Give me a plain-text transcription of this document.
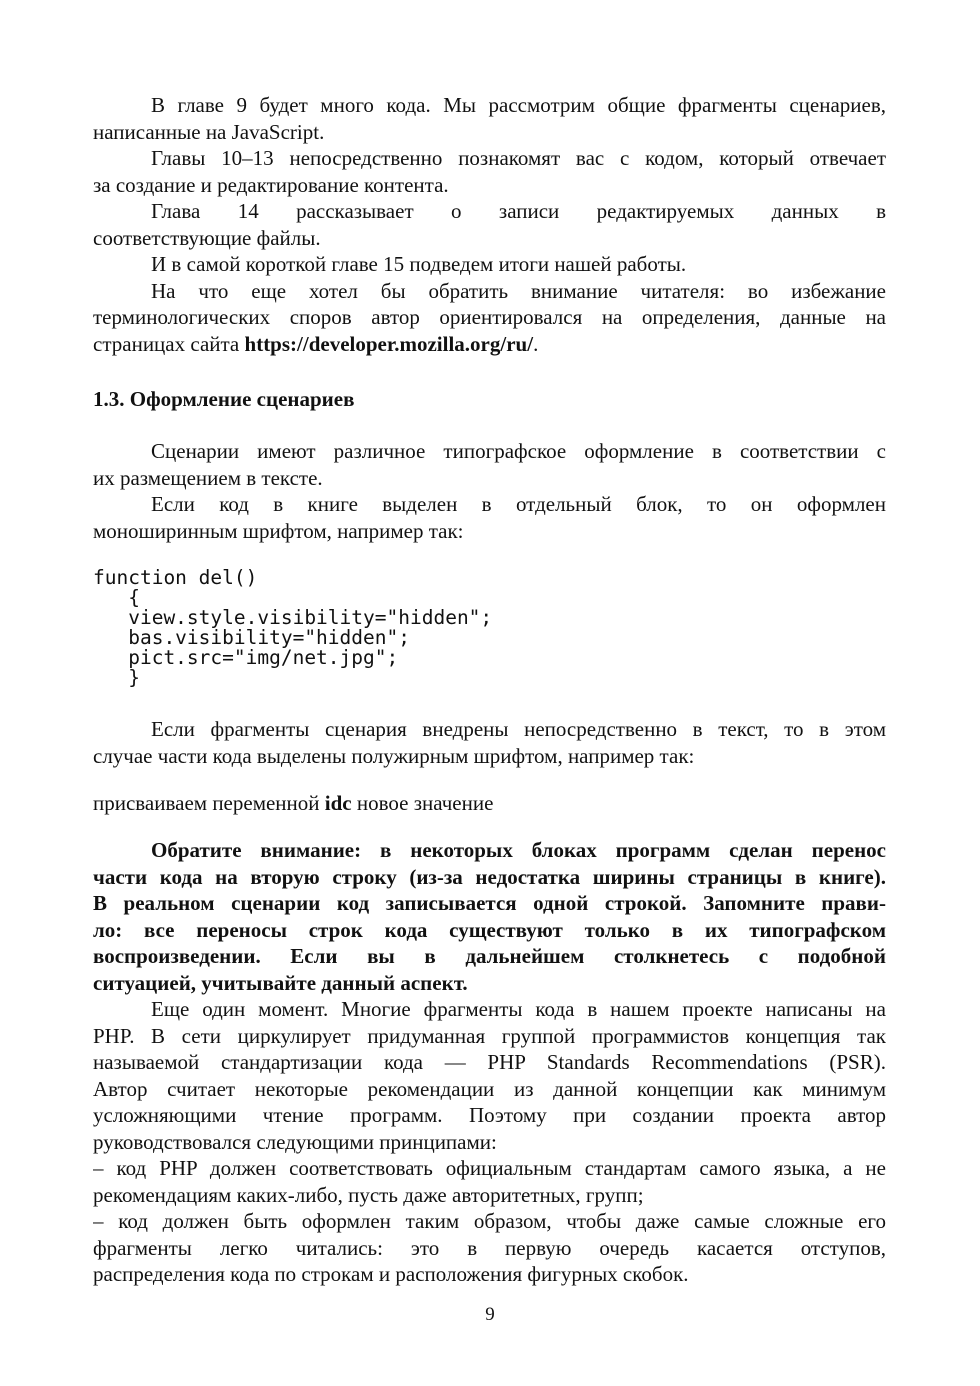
В главе 9 будет много кода. Мы рассмотрим общие фрагменты сценариев,
написанные на JavaScript.
Главы 10–13 непосредственно познакомят вас с кодом, который отвечает
за создание и редактирование контента.
Глава 14 рассказывает о записи редактируемых данных в
соответствующие файлы.
И в самой короткой главе 15 подведем итоги нашей работы.
На что еще хотел бы обратить внимание читателя: во избежание
терминологических споров автор ориентировался на определения, данные на
страницах сайта https://developer.mozilla.org/ru/.
1.3. Оформление сценариев
Сценарии имеют различное типографское оформление в соответствии с
их размещением в тексте.
Если код в книге выделен в отдельный блок, то он оформлен
моноширинным шрифтом, например так:
function del()
{
view.style.visibility="hidden";
bas.visibility="hidden";
pict.src="img/net.jpg";
}
Если фрагменты сценария внедрены непосредственно в текст, то в этом
случае части кода выделены полужирным шрифтом, например так:
присваиваем переменной idc новое значение
Обратите внимание: в некоторых блоках программ сделан перенос
части кода на вторую строку (из-за недостатка ширины страницы в книге).
В реальном сценарии код записывается одной строкой. Запомните прави-
ло: все переносы строк кода существуют только в их типографском
воспроизведении. Если вы в дальнейшем столкнетесь с подобной
ситуацией, учитывайте данный аспект.
Еще один момент. Многие фрагменты кода в нашем проекте написаны на
PHP. В сети циркулирует придуманная группой программистов концепция так
называемой стандартизации кода — PHP Standards Recommendations (PSR).
Автор считает некоторые рекомендации из данной концепции как минимум
усложняющими чтение программ. Поэтому при создании проекта автор
руководствовался следующими принципами:
– код PHP должен соответствовать официальным стандартам самого языка, а не
рекомендациям каких-либо, пусть даже авторитетных, групп;
– код должен быть оформлен таким образом, чтобы даже самые сложные его
фрагменты легко читались: это в первую очередь касается отступов,
распределения кода по строкам и расположения фигурных скобок.
9
